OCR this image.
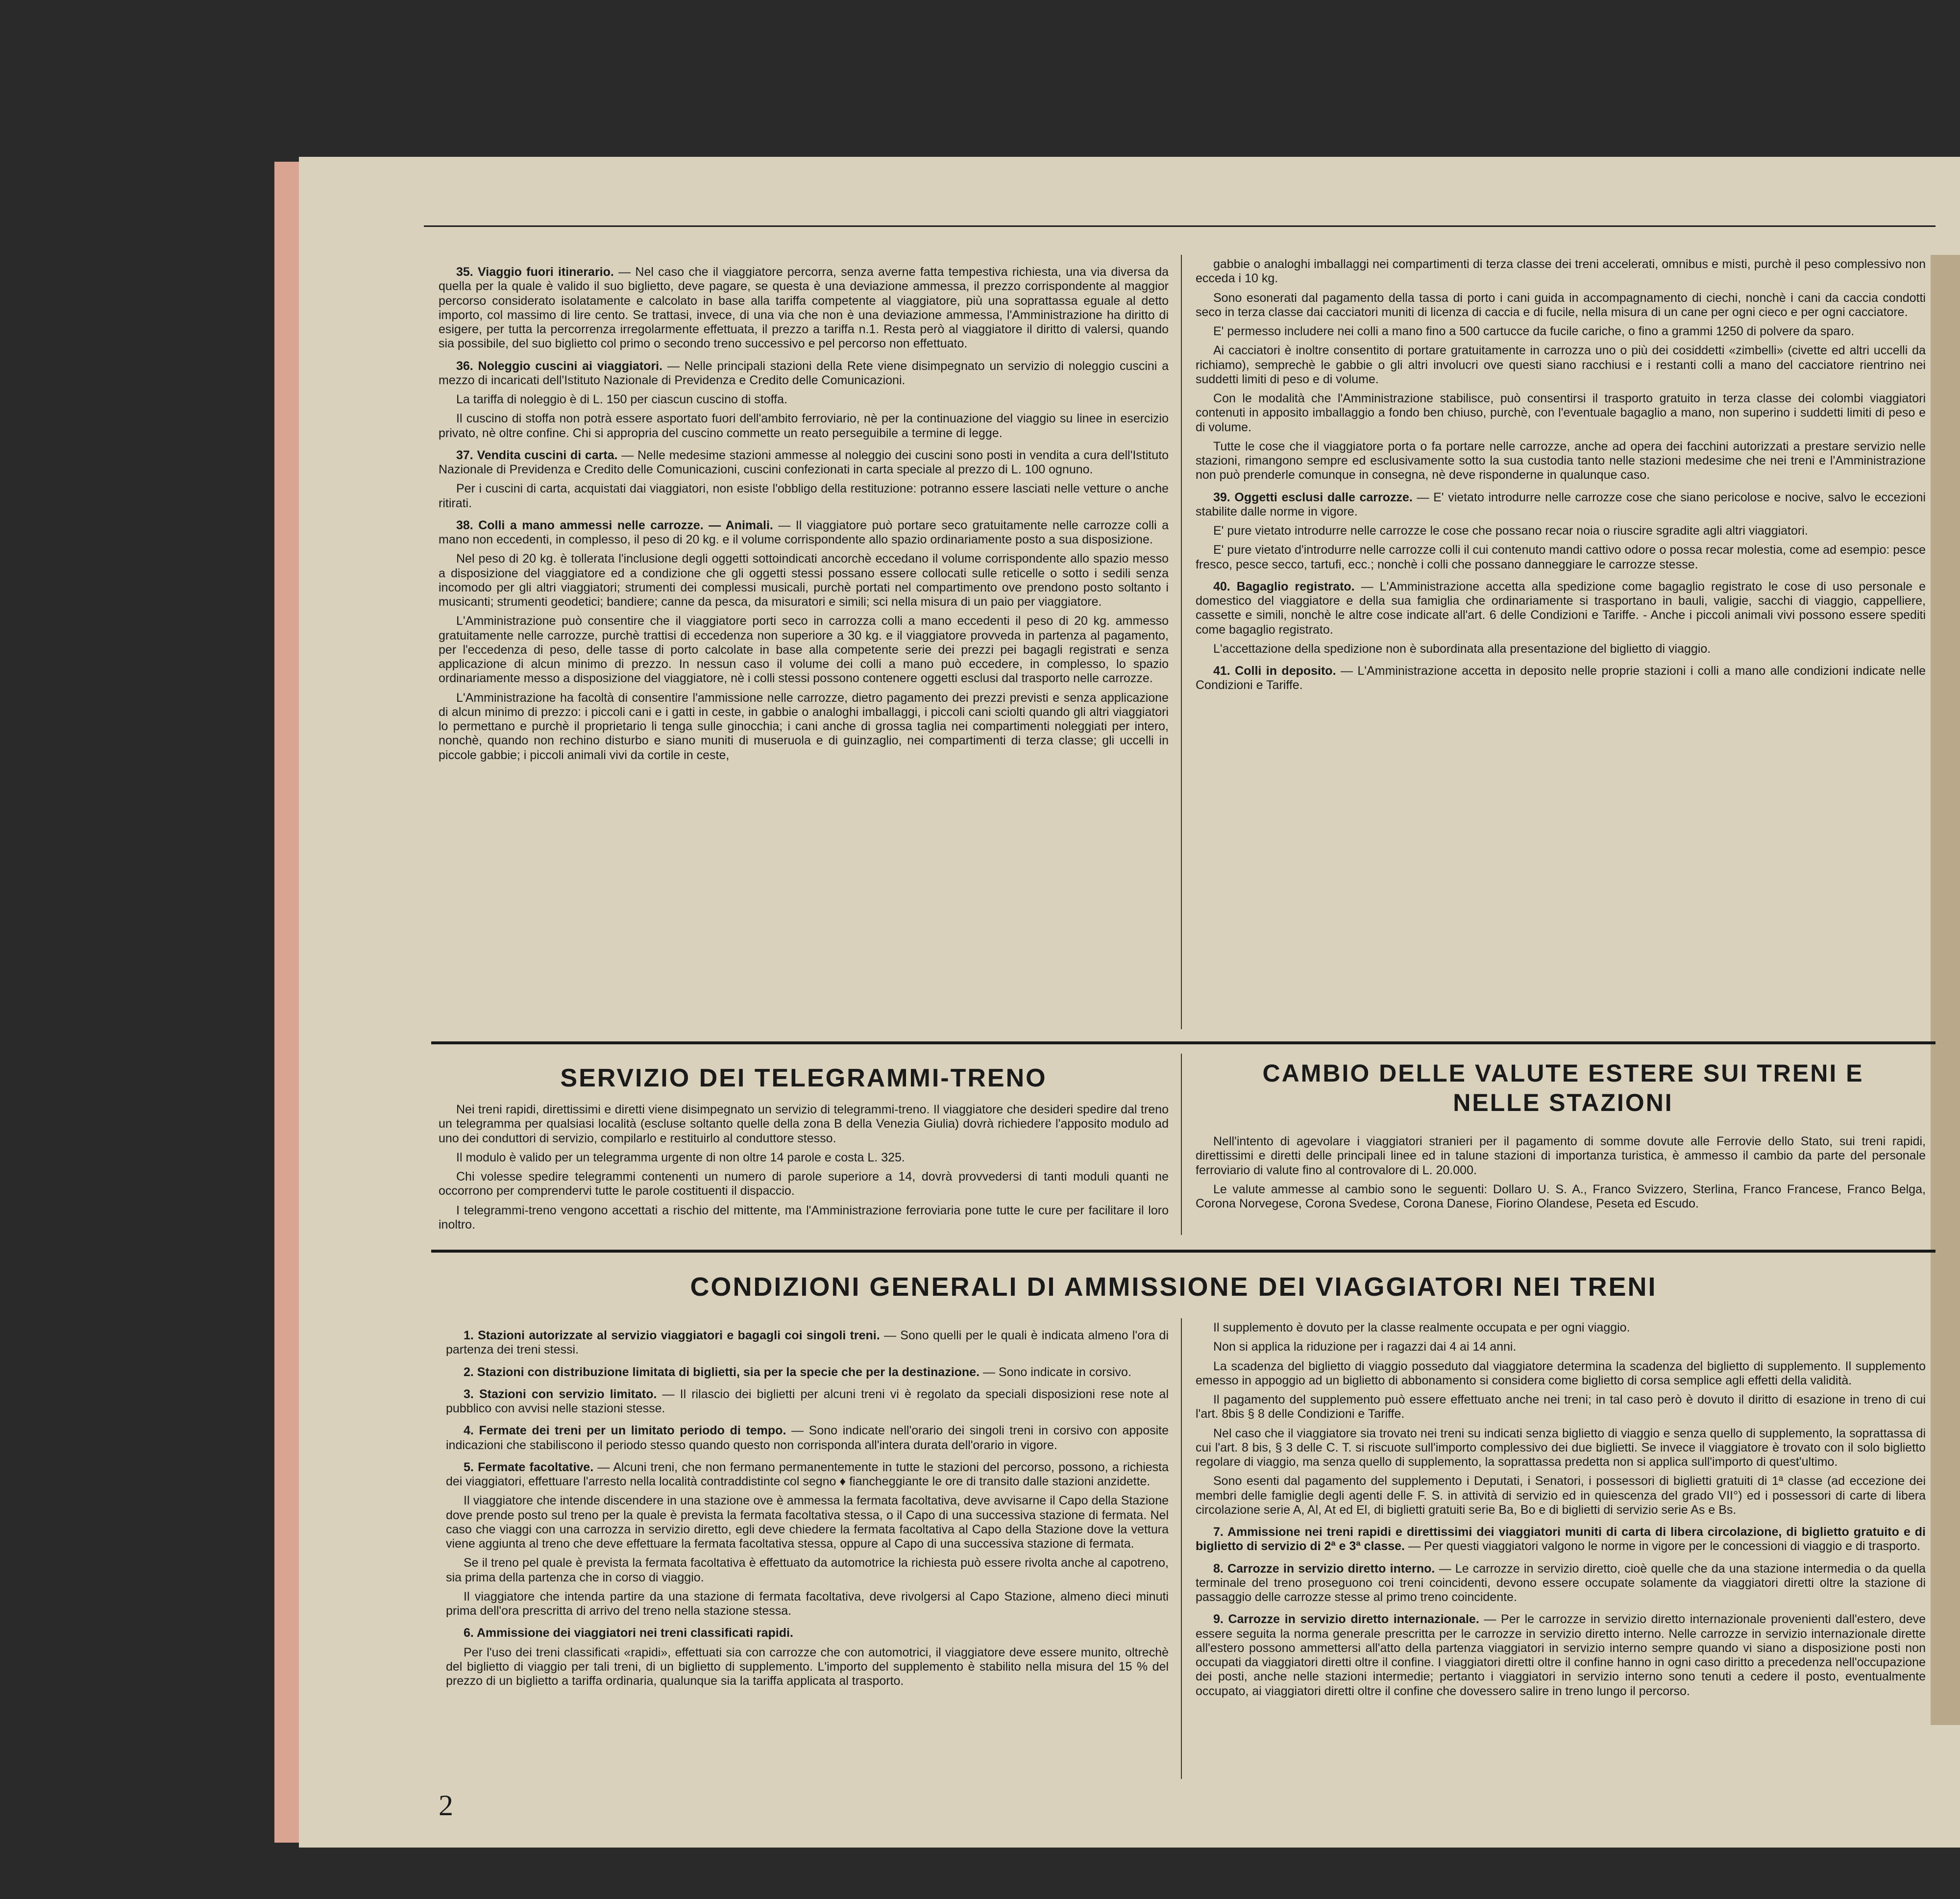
35. Viaggio fuori itinerario. — Nel caso che il viaggiatore percorra, senza averne fatta tempestiva richiesta, una via diversa da quella per la quale è valido il suo biglietto, deve pagare, se questa è una deviazione ammessa, il prezzo corrispondente al maggior percorso considerato isolatamente e calcolato in base alla tariffa competente al viaggiatore, più una soprattassa eguale al detto importo, col massimo di lire cento. Se trattasi, invece, di una via che non è una deviazione ammessa, l'Amministrazione ha diritto di esigere, per tutta la percorrenza irregolarmente effettuata, il prezzo a tariffa n.1. Resta però al viaggiatore il diritto di valersi, quando sia possibile, del suo biglietto col primo o secondo treno successivo e pel percorso non effettuato.

36. Noleggio cuscini ai viaggiatori. — Nelle principali stazioni della Rete viene disimpegnato un servizio di noleggio cuscini a mezzo di incaricati dell'Istituto Nazionale di Previdenza e Credito delle Comunicazioni.

La tariffa di noleggio è di L. 150 per ciascun cuscino di stoffa.

Il cuscino di stoffa non potrà essere asportato fuori dell'ambito ferroviario, nè per la continuazione del viaggio su linee in esercizio privato, nè oltre confine. Chi si appropria del cuscino commette un reato perseguibile a termine di legge.

37. Vendita cuscini di carta. — Nelle medesime stazioni ammesse al noleggio dei cuscini sono posti in vendita a cura dell'Istituto Nazionale di Previdenza e Credito delle Comunicazioni, cuscini confezionati in carta speciale al prezzo di L. 100 ognuno.

Per i cuscini di carta, acquistati dai viaggiatori, non esiste l'obbligo della restituzione: potranno essere lasciati nelle vetture o anche ritirati.

38. Colli a mano ammessi nelle carrozze. — Animali. — Il viaggiatore può portare seco gratuitamente nelle carrozze colli a mano non eccedenti, in complesso, il peso di 20 kg. e il volume corrispondente allo spazio ordinariamente posto a sua disposizione.

Nel peso di 20 kg. è tollerata l'inclusione degli oggetti sottoindicati ancorchè eccedano il volume corrispondente allo spazio messo a disposizione del viaggiatore ed a condizione che gli oggetti stessi possano essere collocati sulle reticelle o sotto i sedili senza incomodo per gli altri viaggiatori; strumenti dei complessi musicali, purchè portati nel compartimento ove prendono posto soltanto i musicanti; strumenti geodetici; bandiere; canne da pesca, da misuratori e simili; sci nella misura di un paio per viaggiatore.

L'Amministrazione può consentire che il viaggiatore porti seco in carrozza colli a mano eccedenti il peso di 20 kg. ammesso gratuitamente nelle carrozze, purchè trattisi di eccedenza non superiore a 30 kg. e il viaggiatore provveda in partenza al pagamento, per l'eccedenza di peso, delle tasse di porto calcolate in base alla competente serie dei prezzi pei bagagli registrati e senza applicazione di alcun minimo di prezzo. In nessun caso il volume dei colli a mano può eccedere, in complesso, lo spazio ordinariamente messo a disposizione del viaggiatore, nè i colli stessi possono contenere oggetti esclusi dal trasporto nelle carrozze.

L'Amministrazione ha facoltà di consentire l'ammissione nelle carrozze, dietro pagamento dei prezzi previsti e senza applicazione di alcun minimo di prezzo: i piccoli cani e i gatti in ceste, in gabbie o analoghi imballaggi, i piccoli cani sciolti quando gli altri viaggiatori lo permettano e purchè il proprietario li tenga sulle ginocchia; i cani anche di grossa taglia nei compartimenti noleggiati per intero, nonchè, quando non rechino disturbo e siano muniti di museruola e di guinzaglio, nei compartimenti di terza classe; gli uccelli in piccole gabbie; i piccoli animali vivi da cortile in ceste,

gabbie o analoghi imballaggi nei compartimenti di terza classe dei treni accelerati, omnibus e misti, purchè il peso complessivo non ecceda i 10 kg.

Sono esonerati dal pagamento della tassa di porto i cani guida in accompagnamento di ciechi, nonchè i cani da caccia condotti seco in terza classe dai cacciatori muniti di licenza di caccia e di fucile, nella misura di un cane per ogni cieco e per ogni cacciatore.

E' permesso includere nei colli a mano fino a 500 cartucce da fucile cariche, o fino a grammi 1250 di polvere da sparo.

Ai cacciatori è inoltre consentito di portare gratuitamente in carrozza uno o più dei cosiddetti «zimbelli» (civette ed altri uccelli da richiamo), semprechè le gabbie o gli altri involucri ove questi siano racchiusi e i restanti colli a mano del cacciatore rientrino nei suddetti limiti di peso e di volume.

Con le modalità che l'Amministrazione stabilisce, può consentirsi il trasporto gratuito in terza classe dei colombi viaggiatori contenuti in apposito imballaggio a fondo ben chiuso, purchè, con l'eventuale bagaglio a mano, non superino i suddetti limiti di peso e di volume.

Tutte le cose che il viaggiatore porta o fa portare nelle carrozze, anche ad opera dei facchini autorizzati a prestare servizio nelle stazioni, rimangono sempre ed esclusivamente sotto la sua custodia tanto nelle stazioni medesime che nei treni e l'Amministrazione non può prenderle comunque in consegna, nè deve risponderne in qualunque caso.

39. Oggetti esclusi dalle carrozze. — E' vietato introdurre nelle carrozze cose che siano pericolose e nocive, salvo le eccezioni stabilite dalle norme in vigore.

E' pure vietato introdurre nelle carrozze le cose che possano recar noia o riuscire sgradite agli altri viaggiatori.

E' pure vietato d'introdurre nelle carrozze colli il cui contenuto mandi cattivo odore o possa recar molestia, come ad esempio: pesce fresco, pesce secco, tartufi, ecc.; nonchè i colli che possano danneggiare le carrozze stesse.

40. Bagaglio registrato. — L'Amministrazione accetta alla spedizione come bagaglio registrato le cose di uso personale e domestico del viaggiatore e della sua famiglia che ordinariamente si trasportano in bauli, valigie, sacchi di viaggio, cappelliere, cassette e simili, nonchè le altre cose indicate all'art. 6 delle Condizioni e Tariffe. - Anche i piccoli animali vivi possono essere spediti come bagaglio registrato.

L'accettazione della spedizione non è subordinata alla presentazione del biglietto di viaggio.

41. Colli in deposito. — L'Amministrazione accetta in deposito nelle proprie stazioni i colli a mano alle condizioni indicate nelle Condizioni e Tariffe.

SERVIZIO DEI TELEGRAMMI-TRENO

Nei treni rapidi, direttissimi e diretti viene disimpegnato un servizio di telegrammi-treno. Il viaggiatore che desideri spedire dal treno un telegramma per qualsiasi località (escluse soltanto quelle della zona B della Venezia Giulia) dovrà richiedere l'apposito modulo ad uno dei conduttori di servizio, compilarlo e restituirlo al conduttore stesso.

Il modulo è valido per un telegramma urgente di non oltre 14 parole e costa L. 325.

Chi volesse spedire telegrammi contenenti un numero di parole superiore a 14, dovrà provvedersi di tanti moduli quanti ne occorrono per comprendervi tutte le parole costituenti il dispaccio.

I telegrammi-treno vengono accettati a rischio del mittente, ma l'Amministrazione ferroviaria pone tutte le cure per facilitare il loro inoltro.

CAMBIO DELLE VALUTE ESTERE SUI TRENI E NELLE STAZIONI

Nell'intento di agevolare i viaggiatori stranieri per il pagamento di somme dovute alle Ferrovie dello Stato, sui treni rapidi, direttissimi e diretti delle principali linee ed in talune stazioni di importanza turistica, è ammesso il cambio da parte del personale ferroviario di valute fino al controvalore di L. 20.000.

Le valute ammesse al cambio sono le seguenti: Dollaro U. S. A., Franco Svizzero, Sterlina, Franco Francese, Franco Belga, Corona Norvegese, Corona Svedese, Corona Danese, Fiorino Olandese, Peseta ed Escudo.

CONDIZIONI GENERALI DI AMMISSIONE DEI VIAGGIATORI NEI TRENI

1. Stazioni autorizzate al servizio viaggiatori e bagagli coi singoli treni. — Sono quelli per le quali è indicata almeno l'ora di partenza dei treni stessi.

2. Stazioni con distribuzione limitata di biglietti, sia per la specie che per la destinazione. — Sono indicate in corsivo.

3. Stazioni con servizio limitato. — Il rilascio dei biglietti per alcuni treni vi è regolato da speciali disposizioni rese note al pubblico con avvisi nelle stazioni stesse.

4. Fermate dei treni per un limitato periodo di tempo. — Sono indicate nell'orario dei singoli treni in corsivo con apposite indicazioni che stabiliscono il periodo stesso quando questo non corrisponda all'intera durata dell'orario in vigore.

5. Fermate facoltative. — Alcuni treni, che non fermano permanentemente in tutte le stazioni del percorso, possono, a richiesta dei viaggiatori, effettuare l'arresto nella località contraddistinte col segno ♦ fiancheggiante le ore di transito dalle stazioni anzidette.

Il viaggiatore che intende discendere in una stazione ove è ammessa la fermata facoltativa, deve avvisarne il Capo della Stazione dove prende posto sul treno per la quale è prevista la fermata facoltativa stessa, o il Capo di una successiva stazione di fermata. Nel caso che viaggi con una carrozza in servizio diretto, egli deve chiedere la fermata facoltativa al Capo della Stazione dove la vettura viene aggiunta al treno che deve effettuare la fermata facoltativa stessa, oppure al Capo di una successiva stazione di fermata.

Se il treno pel quale è prevista la fermata facoltativa è effettuato da automotrice la richiesta può essere rivolta anche al capotreno, sia prima della partenza che in corso di viaggio.

Il viaggiatore che intenda partire da una stazione di fermata facoltativa, deve rivolgersi al Capo Stazione, almeno dieci minuti prima dell'ora prescritta di arrivo del treno nella stazione stessa.

6. Ammissione dei viaggiatori nei treni classificati rapidi.

Per l'uso dei treni classificati «rapidi», effettuati sia con carrozze che con automotrici, il viaggiatore deve essere munito, oltrechè del biglietto di viaggio per tali treni, di un biglietto di supplemento. L'importo del supplemento è stabilito nella misura del 15 % del prezzo di un biglietto a tariffa ordinaria, qualunque sia la tariffa applicata al trasporto.

Il supplemento è dovuto per la classe realmente occupata e per ogni viaggio.

Non si applica la riduzione per i ragazzi dai 4 ai 14 anni.

La scadenza del biglietto di viaggio posseduto dal viaggiatore determina la scadenza del biglietto di supplemento. Il supplemento emesso in appoggio ad un biglietto di abbonamento si considera come biglietto di corsa semplice agli effetti della validità.

Il pagamento del supplemento può essere effettuato anche nei treni; in tal caso però è dovuto il diritto di esazione in treno di cui l'art. 8bis § 8 delle Condizioni e Tariffe.

Nel caso che il viaggiatore sia trovato nei treni su indicati senza biglietto di viaggio e senza quello di supplemento, la soprattassa di cui l'art. 8 bis, § 3 delle C. T. si riscuote sull'importo complessivo dei due biglietti. Se invece il viaggiatore è trovato con il solo biglietto regolare di viaggio, ma senza quello di supplemento, la soprattassa predetta non si applica sull'importo di quest'ultimo.

Sono esenti dal pagamento del supplemento i Deputati, i Senatori, i possessori di biglietti gratuiti di 1ª classe (ad eccezione dei membri delle famiglie degli agenti delle F. S. in attività di servizio ed in quiescenza del grado VII°) ed i possessori di carte di libera circolazione serie A, Al, At ed El, di biglietti gratuiti serie Ba, Bo e di biglietti di servizio serie As e Bs.

7. Ammissione nei treni rapidi e direttissimi dei viaggiatori muniti di carta di libera circolazione, di biglietto gratuito e di biglietto di servizio di 2ª e 3ª classe. — Per questi viaggiatori valgono le norme in vigore per le concessioni di viaggio e di trasporto.

8. Carrozze in servizio diretto interno. — Le carrozze in servizio diretto, cioè quelle che da una stazione intermedia o da quella terminale del treno proseguono coi treni coincidenti, devono essere occupate solamente da viaggiatori diretti oltre la stazione di passaggio delle carrozze stesse al primo treno coincidente.

9. Carrozze in servizio diretto internazionale. — Per le carrozze in servizio diretto internazionale provenienti dall'estero, deve essere seguita la norma generale prescritta per le carrozze in servizio diretto interno. Nelle carrozze in servizio internazionale dirette all'estero possono ammettersi all'atto della partenza viaggiatori in servizio interno sempre quando vi siano a disposizione posti non occupati da viaggiatori diretti oltre il confine. I viaggiatori diretti oltre il confine hanno in ogni caso diritto a precedenza nell'occupazione dei posti, anche nelle stazioni intermedie; pertanto i viaggiatori in servizio interno sono tenuti a cedere il posto, eventualmente occupato, ai viaggiatori diretti oltre il confine che dovessero salire in treno lungo il percorso.

2
